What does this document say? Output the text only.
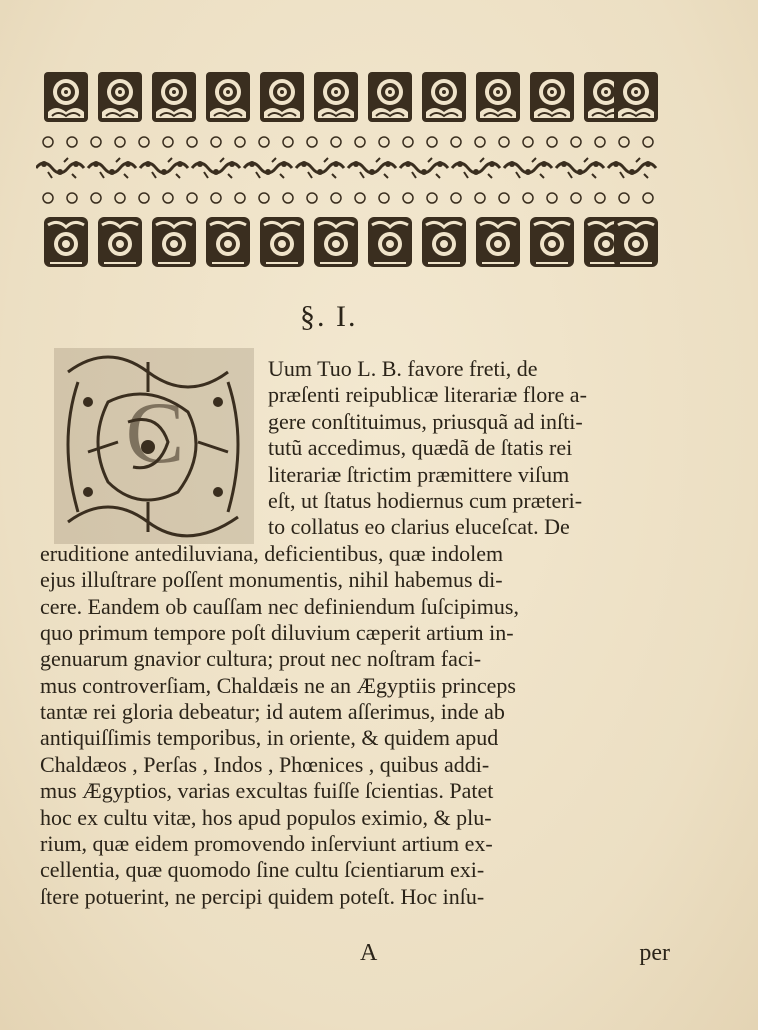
§. I.
C
Uum Tuo L. B. favore freti, de
præſenti reipublicæ literariæ flore a-
gere conſtituimus, priusquã ad inſti-
tutũ accedimus, quædã de ſtatis rei
literariæ ſtrictim præmittere viſum
eſt, ut ſtatus hodiernus cum præteri-
to collatus eo clarius eluceſcat. De
eruditione antediluviana, deficientibus, quæ indolem
ejus illuſtrare poſſent monumentis, nihil habemus di-
cere. Eandem ob cauſſam nec definiendum ſuſcipimus,
quo primum tempore poſt diluvium cæperit artium in-
genuarum gnavior cultura; prout nec noſtram faci-
mus controverſiam, Chaldæis ne an Ægyptiis princeps
tantæ rei gloria debeatur; id autem aſſerimus, inde ab
antiquiſſimis temporibus, in oriente, & quidem apud
Chaldæos , Perſas , Indos , Phœnices , quibus addi-
mus Ægyptios, varias excultas fuiſſe ſcientias. Patet
hoc ex cultu vitæ, hos apud populos eximio, & plu-
rium, quæ eidem promovendo inſerviunt artium ex-
cellentia, quæ quomodo ſine cultu ſcientiarum exi-
ſtere potuerint, ne percipi quidem poteſt. Hoc inſu-
A	per
